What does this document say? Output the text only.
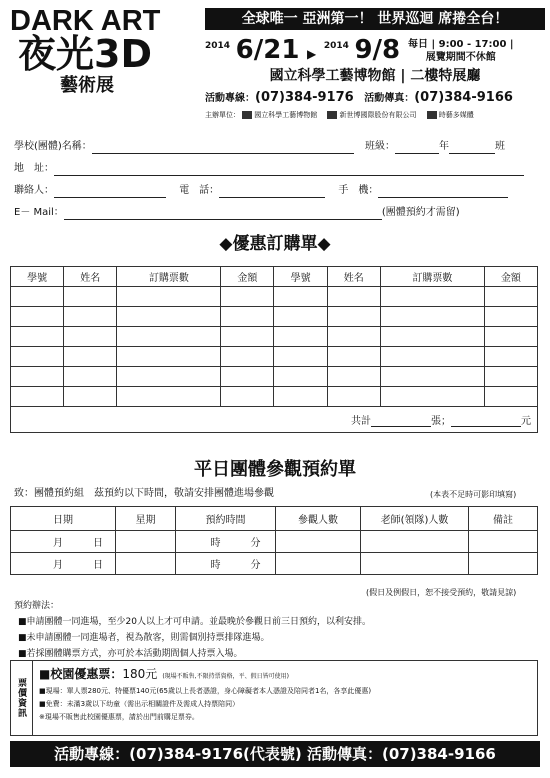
DARK ART
夜光3D
藝術展
全球唯一 亞洲第一！ 世界巡迴 席捲全台！
2014 6/21 ▶ 2014 9/8 每日 | 9:00 - 17:00 |
展覽期間不休館
國立科學工藝博物館 | 二樓特展廳
活動專線：(07)384-9176 活動傳真：(07)384-9166
主辦單位： 國立科學工藝博物館	新世博國際股份有限公司	時藝多媒體
學校(團體)名稱：	班級：	年	班
地　址：
聯絡人：	電　話：	手　機：
E－ Mail：	(團體預約才需留)
◆優惠訂購單◆
學號	姓名	訂購票數	金額	學號	姓名	訂購票數	金額

共計 張； 元							
平日團體參觀預約單
致：團體預約組　茲預約以下時間，敬請安排團體進場參觀	(本表不足時可影印填寫)
日期	星期	預約時間	參觀人數	老師(領隊)人數	備註
月 日		時 分			
月 日		時 分			
(假日及例假日，恕不接受預約，敬請見諒)
預約辦法：
■申請團體一同進場，至少20人以上才可申請。並最晚於參觀日前三日預約，以利安排。
■未申請團體一同進場者，視為散客，則需個別持票排隊進場。
■若採團體購票方式，亦可於本活動期間個人持票入場。
票價資訊
■校園優惠票：180元 (現場不販售,不限持票資格，平、假日皆可使用)
■現場：單人票280元、特優票140元(65歲以上長者憑證，身心障礙者本人憑證及陪同者1名，各享此優惠)
■免費：未滿3歲以下幼童（需出示相關證件及需成人持票陪同）
※現場不販售此校園優惠票，請於出門前購足票券。
活動專線：(07)384-9176(代表號) 活動傳真：(07)384-9166
